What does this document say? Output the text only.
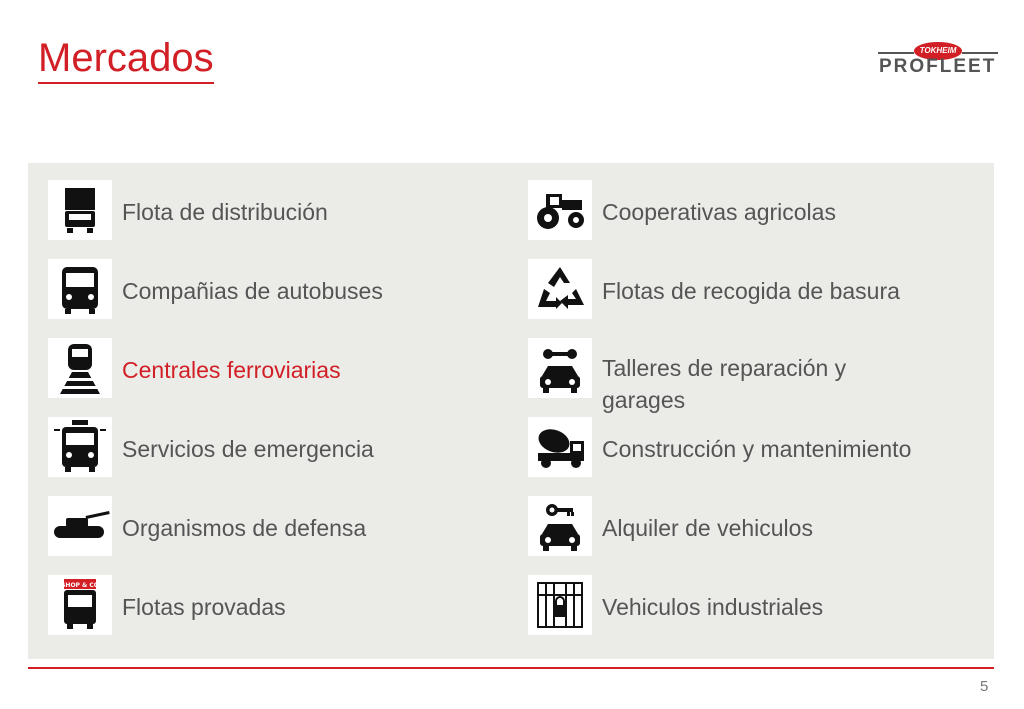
Mercados	TOKHEIM
PROFLEET
Flota de distribución
Compañias de autobuses
Centrales ferroviarias
Servicios de emergencia
Organismos de defensa
SHOP & CO
Flotas provadas
Cooperativas agricolas
Flotas de recogida de basura
Talleres de reparación y garages
Construcción y mantenimiento
Alquiler de vehiculos
Vehiculos industriales
5
